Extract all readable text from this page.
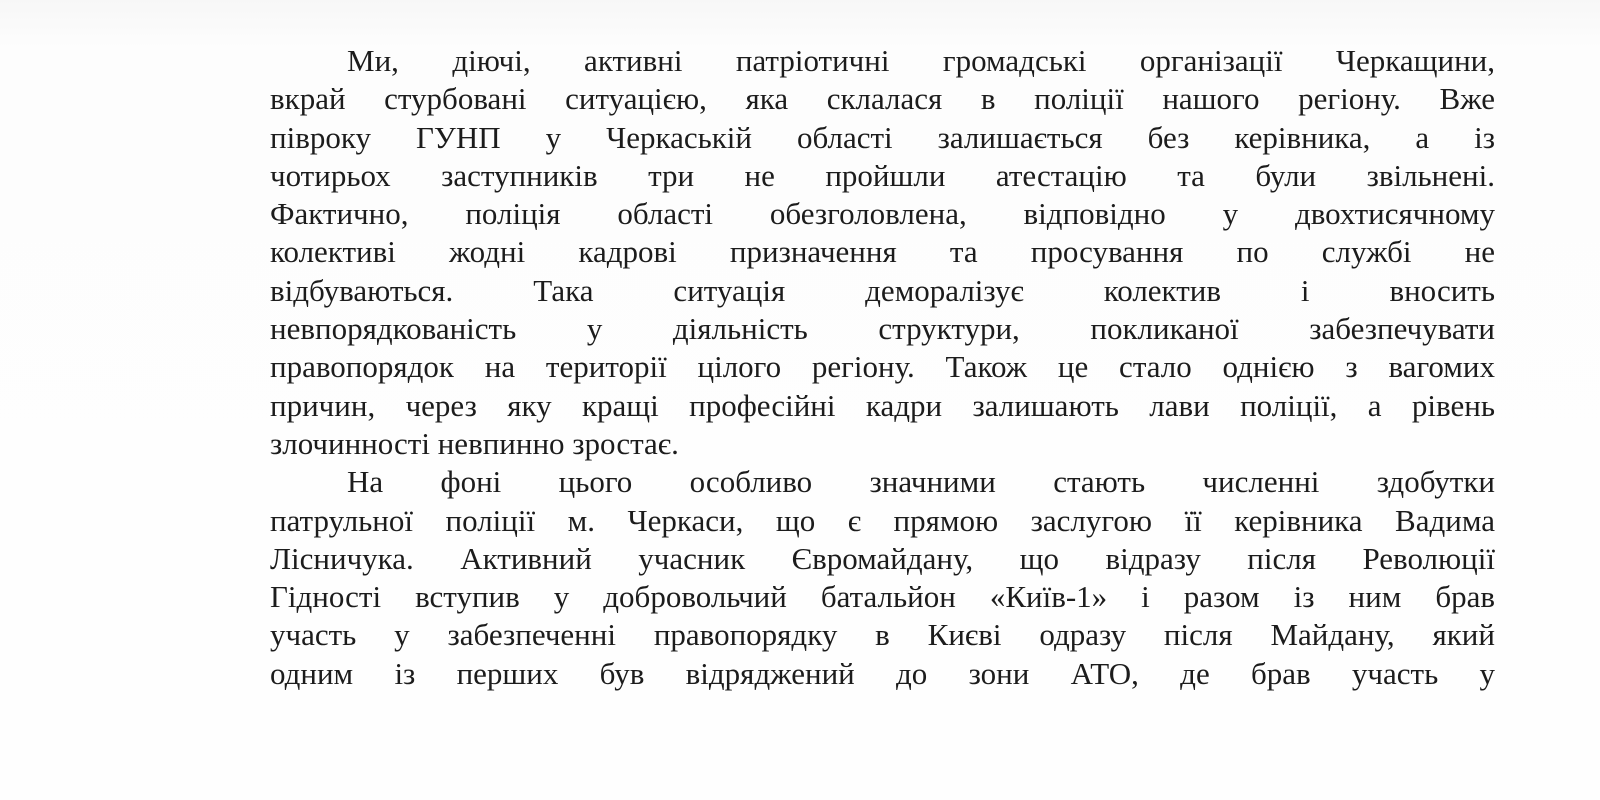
Ми, діючі, активні патріотичні громадські організації Черкащини,
вкрай стурбовані ситуацією, яка склалася в поліції нашого регіону. Вже
півроку ГУНП у Черкаській області залишається без керівника, а із
чотирьох заступників три не пройшли атестацію та були звільнені.
Фактично, поліція області обезголовлена, відповідно у двохтисячному
колективі жодні кадрові призначення та просування по службі не
відбуваються. Така ситуація деморалізує колектив і вносить
невпорядкованість у діяльність структури, покликаної забезпечувати
правопорядок на території цілого регіону. Також це стало однією з вагомих
причин, через яку кращі професійні кадри залишають лави поліції, а рівень
злочинності невпинно зростає.
На фоні цього особливо значними стають численні здобутки
патрульної поліції м. Черкаси, що є прямою заслугою її керівника Вадима
Лісничука. Активний учасник Євромайдану, що відразу після Революції
Гідності вступив у добровольчий батальйон «Київ-1» і разом із ним брав
участь у забезпеченні правопорядку в Києві одразу після Майдану, який
одним із перших був відряджений до зони АТО, де брав участь у
